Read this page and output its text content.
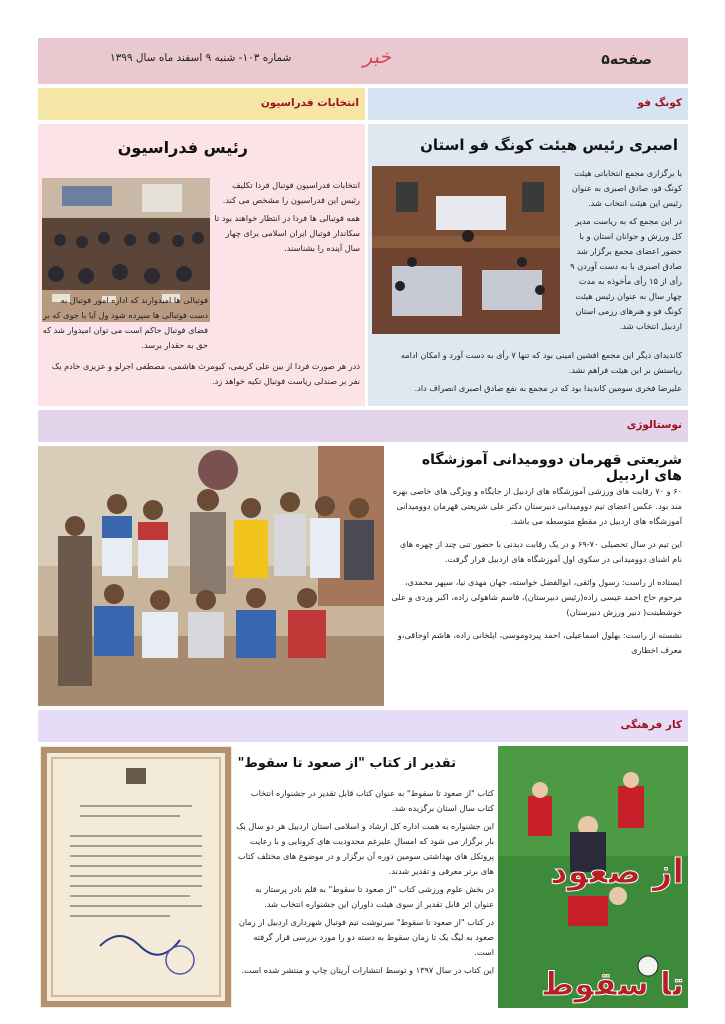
صفحه۵
خبر
شماره ۱۰۳- شنبه ۹ اسفند ماه سال ۱۳۹۹
انتخابات فدراسیون	کونگ فو
رئیس فدراسیون

انتخابات فدراسیون فوتبال فردا تکلیف رئیس این فدراسیون را مشخص می کند.

همه فوتبالی ها فردا در انتظار خواهند بود تا سکاندار فوتبال ایران اسلامی برای چهار سال آینده را بشناسند.

فوتبالی ها امیدوارند که اداره امور فوتبال به دست فوتبالی ها سپرده شود ول آیا با جوی که بر فضای فوتبال حاکم است می توان امیدوار شد که حق به حقدار برسد.

ذدر هر صورت فردا از بین علی کریمی، کیومرث هاشمی، مصطفی اجرلو و عزیزی خادم یک نفر بر صندلی ریاست فوتبال تکیه خواهد زد.

اصبری رئیس هیئت کونگ فو استان

با برگزاری مجمع انتخاباتی هیئت کونگ فو، صادق اصبری به عنوان رئیس این هیئت انتخاب شد.

در این مجمع که به ریاست مدیر کل ورزش و جوانان استان و با حضور اعضای مجمع برگزار شد صادق اصبری با به دست آوردن ۹ رأی از ۱۵ رأی مأخوذه به مدت چهار سال به عنوان رئیس هیئت کونگ فو و هنرهای رزمی استان اردبیل انتخاب شد.

کاندیدای دیگر این مجمع افشین امینی بود که تنها ۷ رأی به دست آورد و امکان ادامه ریاستش بر این هیئت فراهم نشد.

علیرضا فخری سومین کاندیدا بود که در مجمع به نفع صادق اصبری انصراف داد.

نوستالوژی
شریعتی قهرمان دوومیدانی آموزشگاه های اردبیل

۶۰ و ۷۰ رقابت های ورزشی آموزشگاه های اردبیل از جایگاه و ویژگی های خاصی بهره مند بود. عکس اعضای تیم دوومیدانی دبیرستان دکتر علی شریعتی قهرمان دوومیدانی آموزشگاه های اردبیل در مقطع متوسطه می باشد.

این تیم در سال تحصیلی ۷۰-۶۹ و در یک رقابت دیدنی با حضور تنی چند از چهره های نام اشنای دوومیدانی در سکوی اول آموزشگاه های اردبیل قرار گرفت.

ایستاده از راست: رسول واثقی، ابوالفضل خواسته، جهان مهدی نیا، سپهر محمدی، مرحوم حاج احمد عیسی زاده(رئیس دبیرستان)، قاسم شاهولی زاده، اکبر وردی و علی خوشطینت( دبیر ورزش دبیرستان)

نشسته از راست: بهلول اسماعیلی، احمد پیردوموسی، ایلخانی زاده، هاشم اوجاقی،و معرف اخطاری

کار فرهنگی
تقدیر از کتاب "از صعود تا سقوط"

کتاب "از صعود تا سقوط" به عنوان کتاب قابل تقدیر در جشنواره انتخاب کتاب سال استان برگزیده شد.

این جشنواره به همت اداره کل ارشاد و اسلامی استان اردبیل هر دو سال یک بار برگزار می شود که امسال علیرغم محدودیت های کرونایی و با رعایت پروتکل های بهداشتی سومین دوره آن برگزار و در موضوع های مختلف کتاب های برتر معرفی و تقدیر شدند.

در بخش علوم ورزشی کتاب "از صعود تا سقوط" به قلم نادر پرستار به عنوان اثر قابل تقدیر از سوی هیئت داوران این جشنواره انتخاب شد.

در کتاب "از صعود تا سقوط" سرنوشت تیم فوتبال شهرداری اردبیل از زمان صعود به لیگ یک تا زمان سقوط به دسته دو را مورد بررسی قرار گرفته است.

این کتاب در سال ۱۳۹۷ و توسط انتشارات آریتان چاپ و منتشر شده است.

از صعود
تا سقوط
